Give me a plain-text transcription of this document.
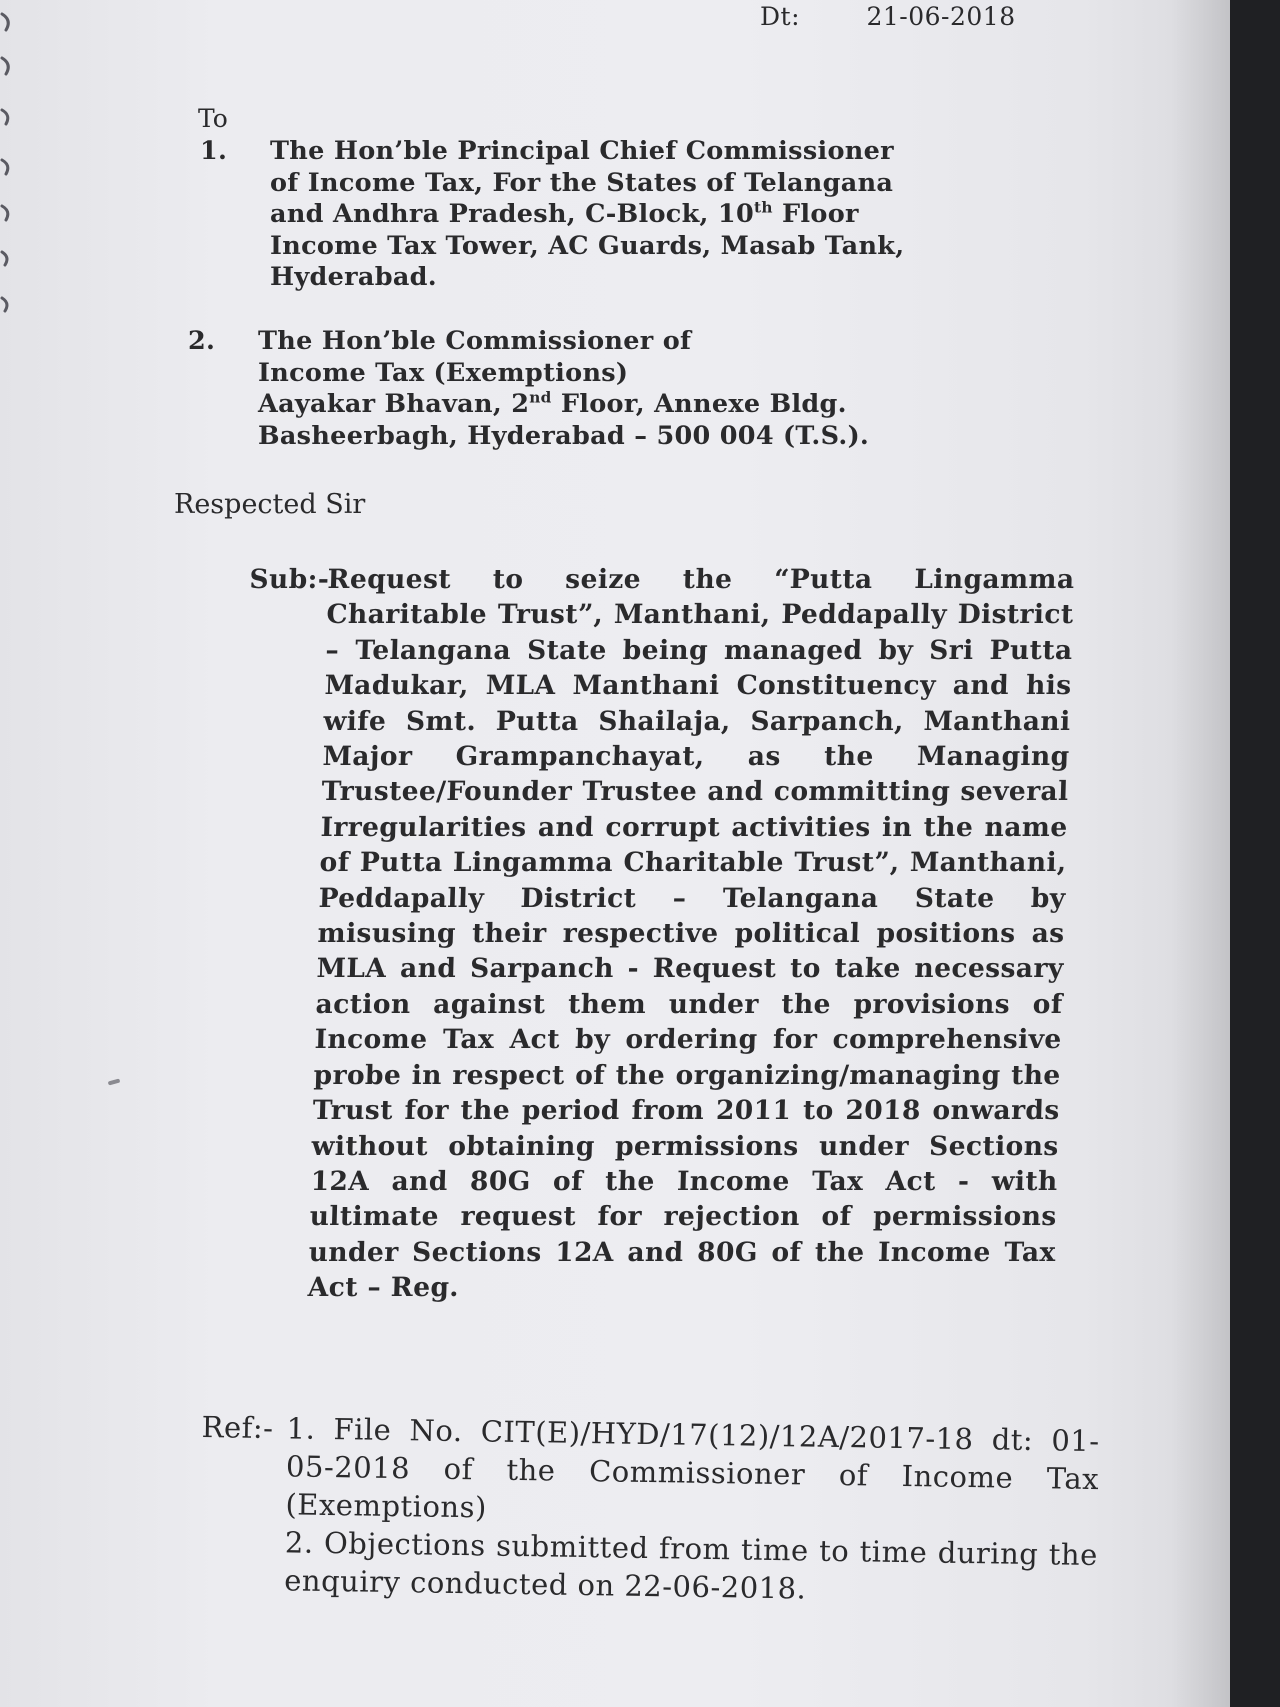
Dt:	21-06-2018
To
1. The Hon’ble Principal Chief Commissioner
of Income Tax, For the States of Telangana
and Andhra Pradesh, C-Block, 10th Floor
Income Tax Tower, AC Guards, Masab Tank,
Hyderabad.
2. The Hon’ble Commissioner of
Income Tax (Exemptions)
Aayakar Bhavan, 2nd Floor, Annexe Bldg.
Basheerbagh, Hyderabad – 500 004 (T.S.).
Respected Sir
Sub:-
Request to seize the “Putta Lingamma Charitable Trust”, Manthani, Peddapally District – Telangana State being managed by Sri Putta Madukar, MLA Manthani Constituency and his wife Smt. Putta Shailaja, Sarpanch, Manthani Major Grampanchayat, as the Managing Trustee/Founder Trustee and committing several Irregularities and corrupt activities in the name of Putta Lingamma Charitable Trust”, Manthani, Peddapally District – Telangana State by misusing their respective political positions as MLA and Sarpanch - Request to take necessary action against them under the provisions of Income Tax Act by ordering for comprehensive probe in respect of the organizing/managing the Trust for the period from 2011 to 2018 onwards without obtaining permissions under Sections 12A and 80G of the Income Tax Act - with ultimate request for rejection of permissions under Sections 12A and 80G of the Income Tax Act – Reg.
Ref:- 1. File No. CIT(E)/HYD/17(12)/12A/2017-18 dt: 01-05-2018 of the Commissioner of Income Tax (Exemptions)
2. Objections submitted from time to time during the enquiry conducted on 22-06-2018.
